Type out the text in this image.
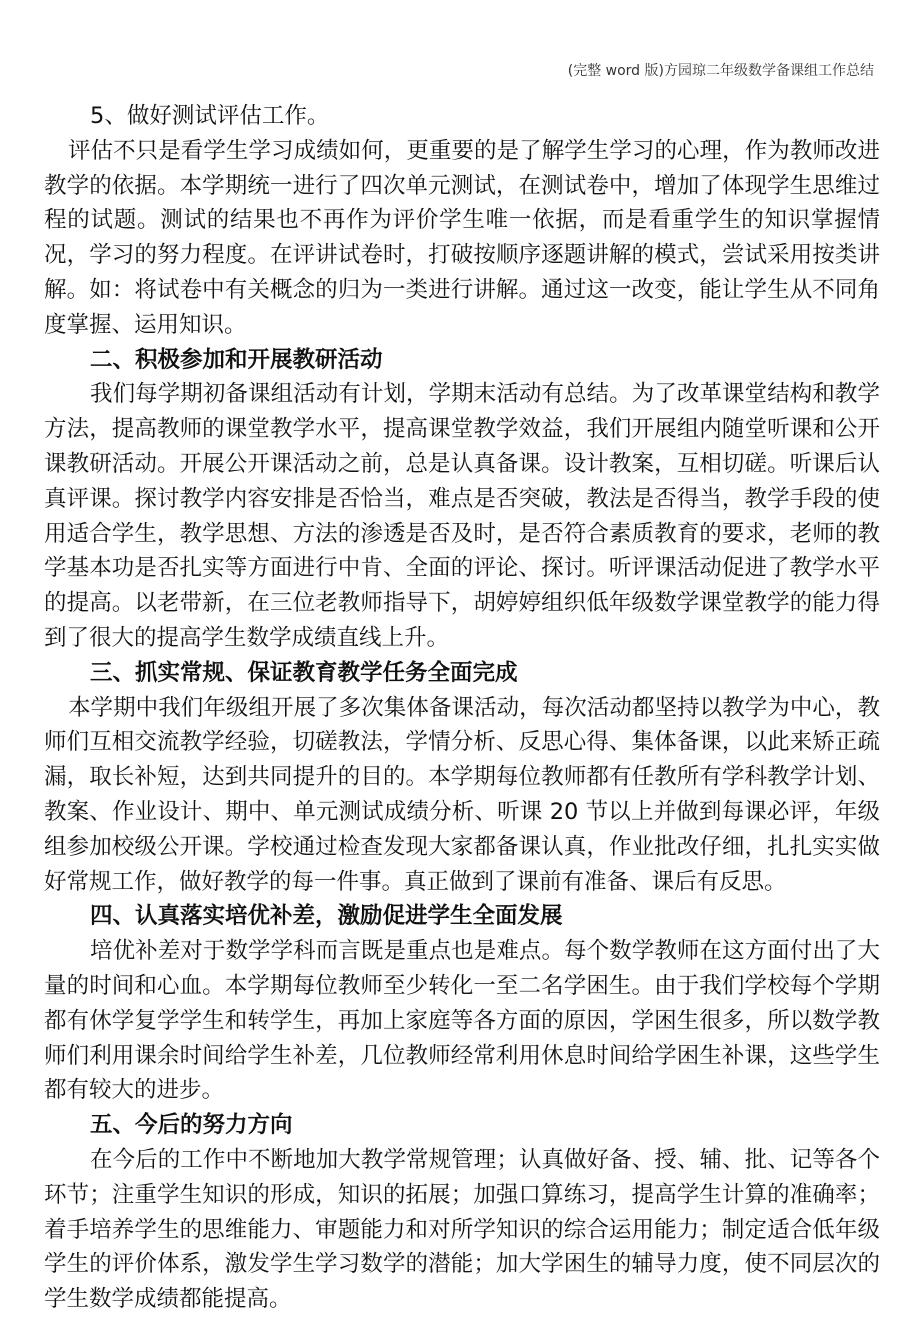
(完整 word 版)方园琼二年级数学备课组工作总结

5、做好测试评估工作。

评估不只是看学生学习成绩如何，更重要的是了解学生学习的心理，作为教师改进教学的依据。本学期统一进行了四次单元测试，在测试卷中，增加了体现学生思维过程的试题。测试的结果也不再作为评价学生唯一依据，而是看重学生的知识掌握情况，学习的努力程度。在评讲试卷时，打破按顺序逐题讲解的模式，尝试采用按类讲解。如：将试卷中有关概念的归为一类进行讲解。通过这一改变，能让学生从不同角度掌握、运用知识。

二、积极参加和开展教研活动

我们每学期初备课组活动有计划，学期末活动有总结。为了改革课堂结构和教学方法，提高教师的课堂教学水平，提高课堂教学效益，我们开展组内随堂听课和公开课教研活动。开展公开课活动之前，总是认真备课。设计教案，互相切磋。听课后认真评课。探讨教学内容安排是否恰当，难点是否突破，教法是否得当，教学手段的使用适合学生，教学思想、方法的渗透是否及时，是否符合素质教育的要求，老师的教学基本功是否扎实等方面进行中肯、全面的评论、探讨。听评课活动促进了教学水平的提高。以老带新，在三位老教师指导下，胡婷婷组织低年级数学课堂教学的能力得到了很大的提高学生数学成绩直线上升。

三、抓实常规、保证教育教学任务全面完成

本学期中我们年级组开展了多次集体备课活动，每次活动都坚持以教学为中心，教师们互相交流教学经验，切磋教法，学情分析、反思心得、集体备课，以此来矫正疏漏，取长补短，达到共同提升的目的。本学期每位教师都有任教所有学科教学计划、教案、作业设计、期中、单元测试成绩分析、听课 20 节以上并做到每课必评，年级组参加校级公开课。学校通过检查发现大家都备课认真，作业批改仔细，扎扎实实做好常规工作，做好教学的每一件事。真正做到了课前有准备、课后有反思。

四、认真落实培优补差，激励促进学生全面发展

培优补差对于数学学科而言既是重点也是难点。每个数学教师在这方面付出了大量的时间和心血。本学期每位教师至少转化一至二名学困生。由于我们学校每个学期都有休学复学学生和转学生，再加上家庭等各方面的原因，学困生很多，所以数学教师们利用课余时间给学生补差，几位教师经常利用休息时间给学困生补课，这些学生都有较大的进步。

五、今后的努力方向

在今后的工作中不断地加大教学常规管理；认真做好备、授、辅、批、记等各个环节；注重学生知识的形成，知识的拓展；加强口算练习，提高学生计算的准确率；着手培养学生的思维能力、审题能力和对所学知识的综合运用能力；制定适合低年级学生的评价体系，激发学生学习数学的潜能；加大学困生的辅导力度，使不同层次的学生数学成绩都能提高。
